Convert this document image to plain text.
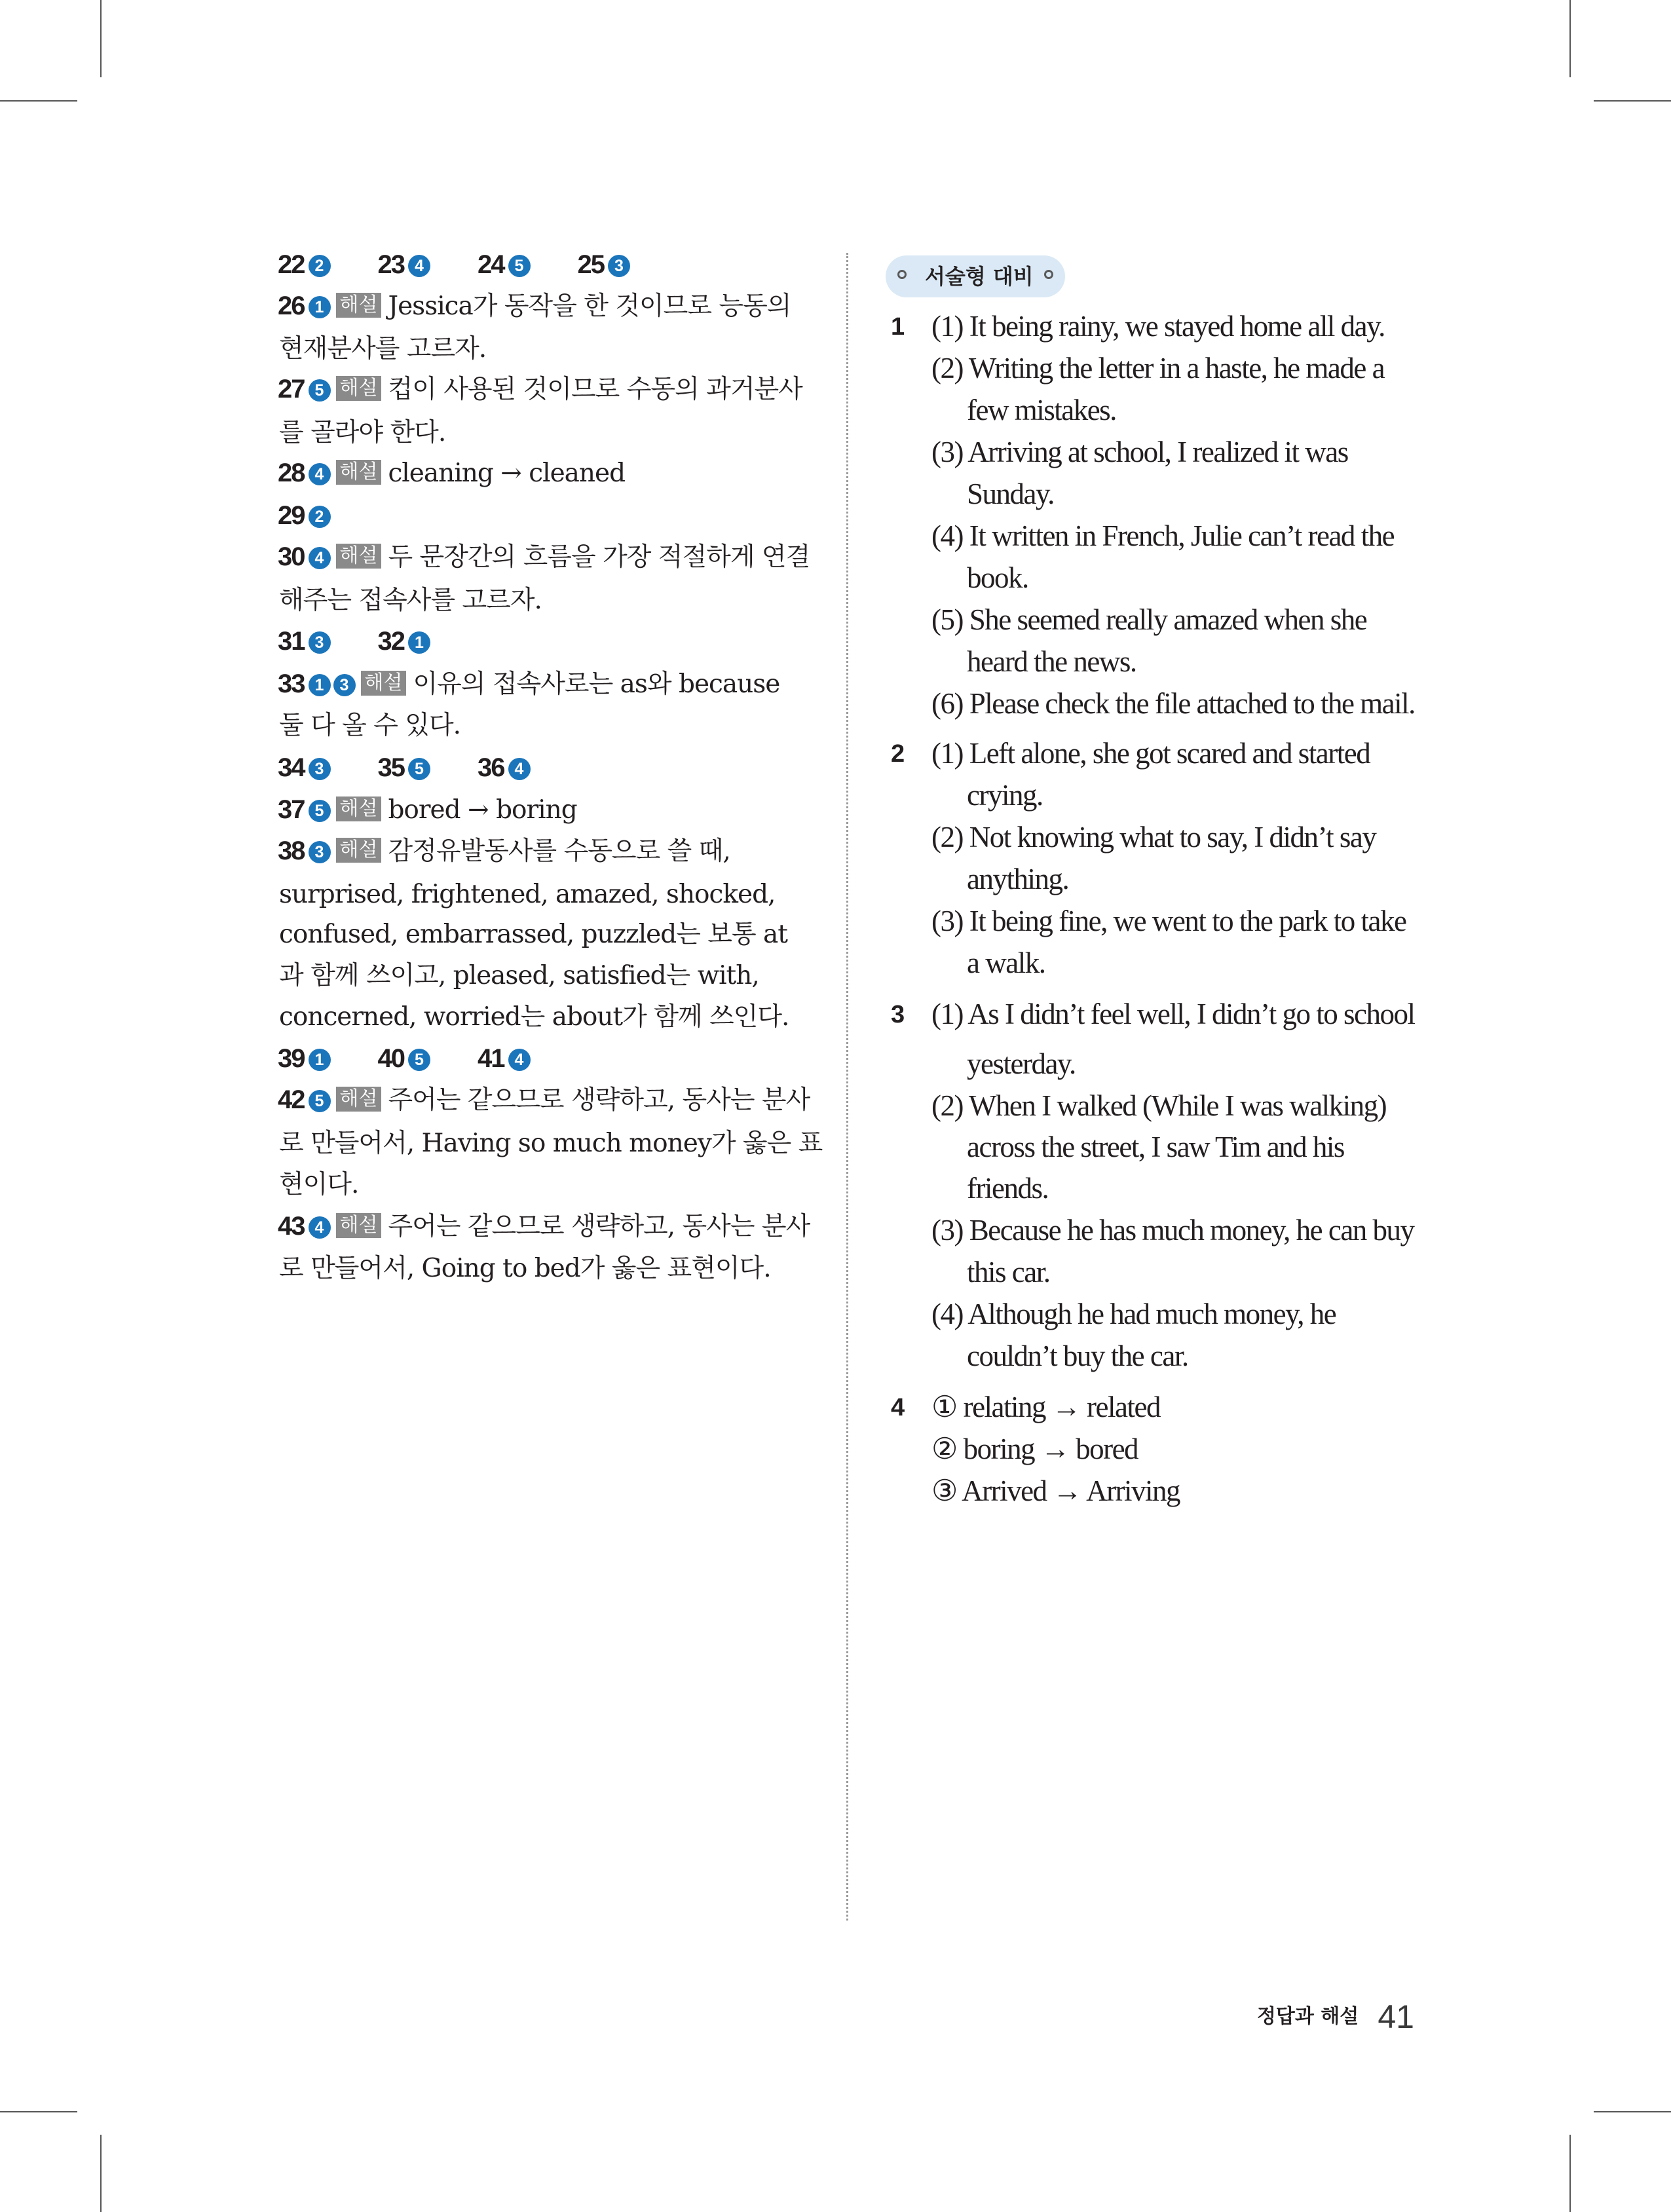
22 2 23 4 24 5 25 3
26 1 해설 Jessica가 동작을 한 것이므로 능동의
현재분사를 고르자.
27 5 해설 컵이 사용된 것이므로 수동의 과거분사
를 골라야 한다.
28 4 해설 cleaning → cleaned
29 2
30 4 해설 두 문장간의 흐름을 가장 적절하게 연결
해주는 접속사를 고르자.
31 3 32 1
33 1 3 해설 이유의 접속사로는 as와 because
둘 다 올 수 있다.
34 3 35 5 36 4
37 5 해설 bored → boring
38 3 해설 감정유발동사를 수동으로 쓸 때,
surprised, frightened, amazed, shocked,
confused, embarrassed, puzzled는 보통 at
과 함께 쓰이고, pleased, satisfied는 with,
concerned, worried는 about가 함께 쓰인다.
39 1 40 5 41 4
42 5 해설 주어는 같으므로 생략하고, 동사는 분사
로 만들어서, Having so much money가 옳은 표
현이다.
43 4 해설 주어는 같으므로 생략하고, 동사는 분사
로 만들어서, Going to bed가 옳은 표현이다.
서술형 대비
1 (1) It being rainy, we stayed home all day.
(2) Writing the letter in a haste, he made a
few mistakes.
(3) Arriving at school, I realized it was
Sunday.
(4) It written in French, Julie can’t read the
book.
(5) She seemed really amazed when she
heard the news.
(6) Please check the file attached to the mail.
2 (1) Left alone, she got scared and started
crying.
(2) Not knowing what to say, I didn’t say
anything.
(3) It being fine, we went to the park to take
a walk.
3 (1) As I didn’t feel well, I didn’t go to school
yesterday.
(2) When I walked (While I was walking)
across the street, I saw Tim and his
friends.
(3) Because he has much money, he can buy
this car.
(4) Although he had much money, he
couldn’t buy the car.
4 ① relating → related
② boring → bored
③ Arrived → Arriving
정답과 해설 41
